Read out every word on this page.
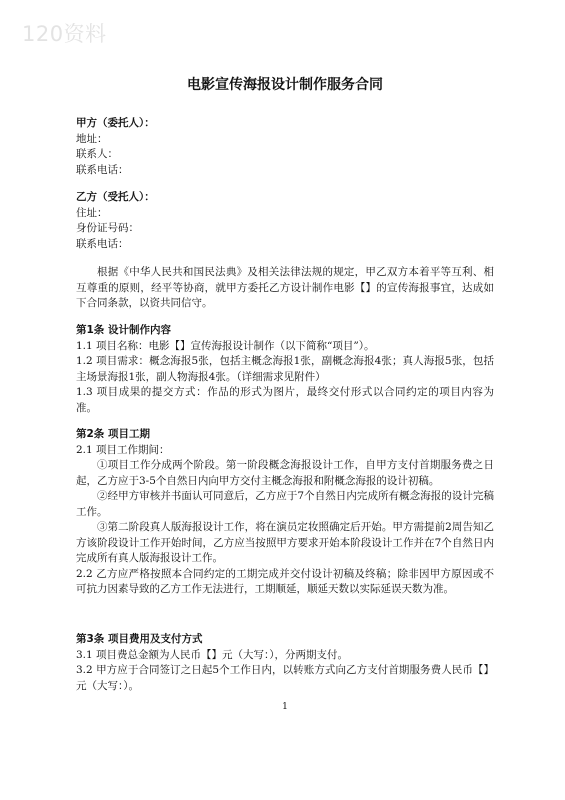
120资料
电影宣传海报设计制作服务合同
甲方（委托人）：
地址：
联系人：
联系电话：
乙方（受托人）：
住址：
身份证号码：
联系电话：
根据《中华人民共和国民法典》及相关法律法规的规定，甲乙双方本着平等互利、相互尊重的原则，经平等协商，就甲方委托乙方设计制作电影【】的宣传海报事宜，达成如下合同条款，以资共同信守。
第1条 设计制作内容
1.1 项目名称：电影【】宣传海报设计制作（以下简称“项目”）。
1.2 项目需求：概念海报5张，包括主概念海报1张，副概念海报4张；真人海报5张，包括主场景海报1张，副人物海报4张。（详细需求见附件）
1.3 项目成果的提交方式：作品的形式为图片，最终交付形式以合同约定的项目内容为准。
第2条 项目工期
2.1 项目工作期间：
①项目工作分成两个阶段。第一阶段概念海报设计工作，自甲方支付首期服务费之日起，乙方应于3-5个自然日内向甲方交付主概念海报和附概念海报的设计初稿。
②经甲方审核并书面认可同意后，乙方应于7个自然日内完成所有概念海报的设计完稿工作。
③第二阶段真人版海报设计工作，将在演员定妆照确定后开始。甲方需提前2周告知乙方该阶段设计工作开始时间，乙方应当按照甲方要求开始本阶段设计工作并在7个自然日内完成所有真人版海报设计工作。
2.2 乙方应严格按照本合同约定的工期完成并交付设计初稿及终稿；除非因甲方原因或不可抗力因素导致的乙方工作无法进行，工期顺延，顺延天数以实际延误天数为准。
第3条 项目费用及支付方式
3.1 项目费总金额为人民币【】元（大写：），分两期支付。
3.2 甲方应于合同签订之日起5个工作日内，以转账方式向乙方支付首期服务费人民币【】元（大写：）。
1
